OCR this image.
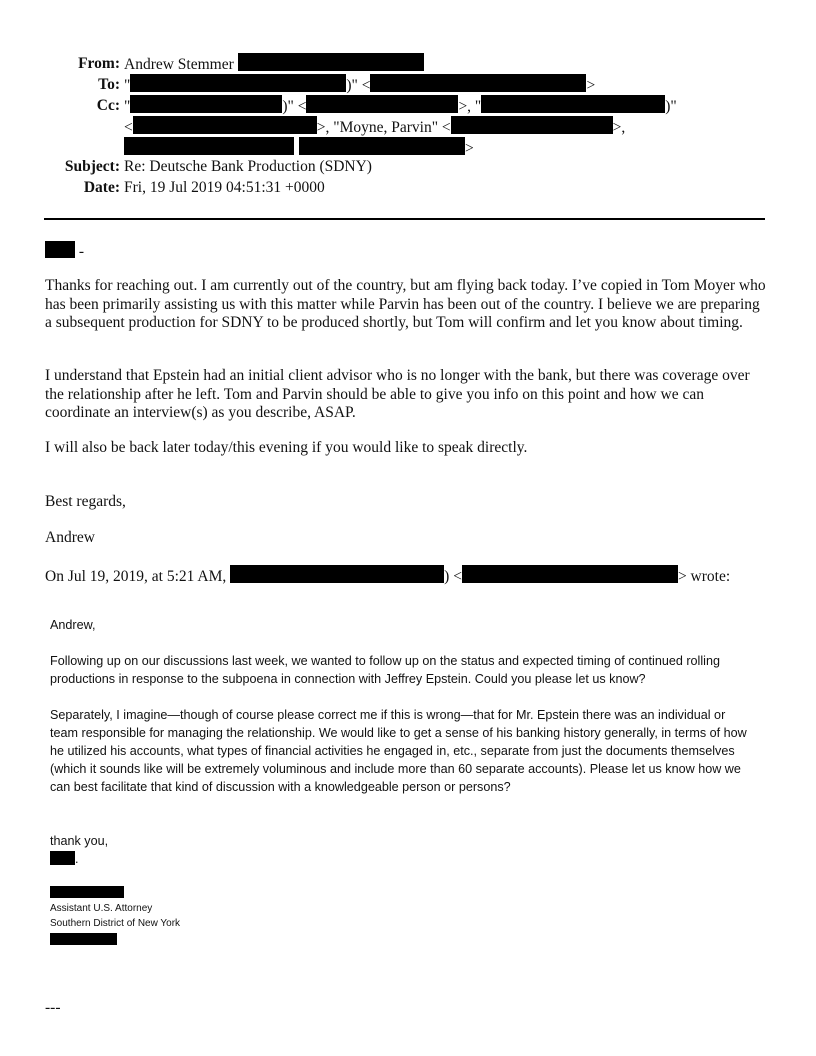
From: Andrew Stemmer
To: "	)" <	>
Cc: "	)" <	>, "	)"
<	>, "Moyne, Parvin" <	>,
>
Subject: Re: Deutsche Bank Production (SDNY)
Date: Fri, 19 Jul 2019 04:51:31 +0000
-
Thanks for reaching out. I am currently out of the country, but am flying back today. I’ve copied in Tom Moyer who has been primarily assisting us with this matter while Parvin has been out of the country. I believe we are preparing a subsequent production for SDNY to be produced shortly, but Tom will confirm and let you know about timing.
I understand that Epstein had an initial client advisor who is no longer with the bank, but there was coverage over the relationship after he left. Tom and Parvin should be able to give you info on this point and how we can coordinate an interview(s) as you describe, ASAP.
I will also be back later today/this evening if you would like to speak directly.
Best regards,
Andrew
On Jul 19, 2019, at 5:21 AM,	) <	> wrote:
Andrew,
Following up on our discussions last week, we wanted to follow up on the status and expected timing of continued rolling productions in response to the subpoena in connection with Jeffrey Epstein. Could you please let us know?
Separately, I imagine—though of course please correct me if this is wrong—that for Mr. Epstein there was an individual or team responsible for managing the relationship. We would like to get a sense of his banking history generally, in terms of how he utilized his accounts, what types of financial activities he engaged in, etc., separate from just the documents themselves (which it sounds like will be extremely voluminous and include more than 60 separate accounts). Please let us know how we can best facilitate that kind of discussion with a knowledgeable person or persons?
thank you,
.
Assistant U.S. Attorney
Southern District of New York
---
